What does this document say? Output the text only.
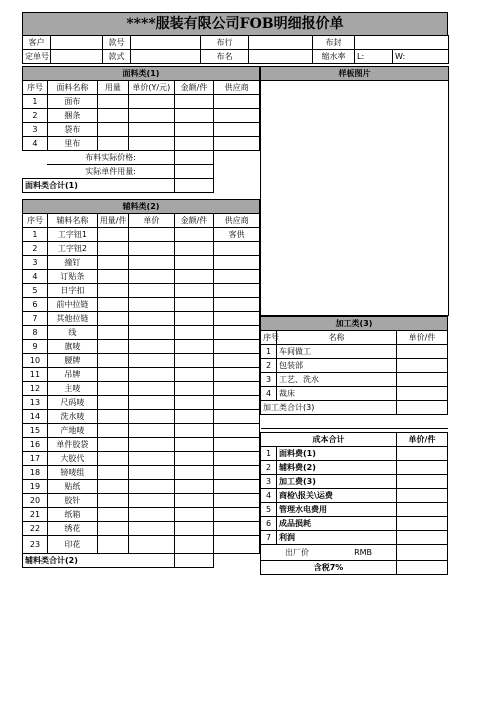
****服装有限公司FOB明细报价单
客户		款号		布行		布封		
定单号		款式		布名		缩水率	L:	W:
面料类(1)					
序号	面料名称	用量	单价(Y/元)	金额/件	供应商
1	面布				
2	捆条				
3	袋布				
4	里布				
	布料实际价格:				
	实际单件用量:				
面料类合计(1)					
样板图片
辅料类(2)					
序号	辅料名称	用量/件	单价	金额/件	供应商
1	工字钮1				客供
2	工字钮2				
3	撞钉				
4	订贴条				
5	日字扣				
6	前中拉链				
7	其他拉链				
8	线				
9	旗唛				
10	腰牌				
11	吊牌				
12	主唛				
13	尺码唛				
14	洗水唛				
15	产地唛				
16	单件胶袋				
17	大胶代				
18	镑唛组				
19	贴纸				
20	胶针				
21	纸箱				
22	绣花				
23	印花				
辅料类合计(2)					
加工类(3)		
序号	名称	单价/件
1	车间做工	
2	包装部	
3	工艺、洗水	
4	裁床	
加工类合计(3)		

成本合计		单价/件
1	面料费(1)	
2	辅料费(2)	
3	加工费(3)	
4	商检\报关\运费	
5	管理水电费用	
6	成品损耗	
7	利润	
出厂价 RMB		
含税7%		
